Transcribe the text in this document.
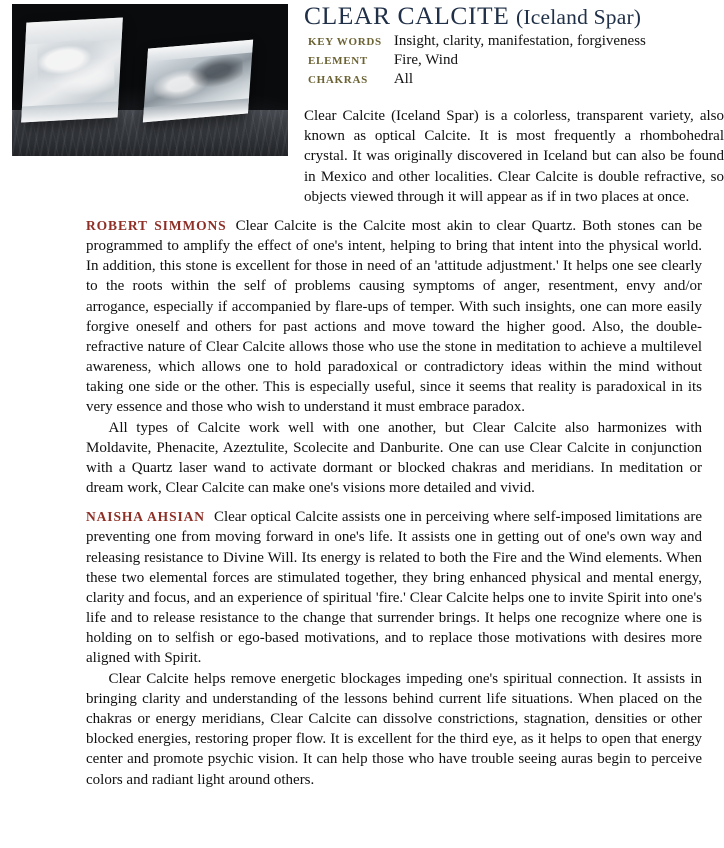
CLEAR CALCITE (Iceland Spar)
KEY WORDS	Insight, clarity, manifestation, forgiveness
ELEMENT	Fire, Wind
CHAKRAS	All

Clear Calcite (Iceland Spar) is a colorless, transparent variety, also known as optical Calcite. It is most frequently a rhombohedral crystal. It was originally discovered in Iceland but can also be found in Mexico and other localities. Clear Calcite is double refractive, so objects viewed through it will appear as if in two places at once.

ROBERT SIMMONS Clear Calcite is the Calcite most akin to clear Quartz. Both stones can be programmed to amplify the effect of one's intent, helping to bring that intent into the physical world. In addition, this stone is excellent for those in need of an 'attitude adjustment.' It helps one see clearly to the roots within the self of problems causing symptoms of anger, resentment, envy and/or arrogance, especially if accompanied by flare-ups of temper. With such insights, one can more easily forgive oneself and others for past actions and move toward the higher good. Also, the double-refractive nature of Clear Calcite allows those who use the stone in meditation to achieve a multilevel awareness, which allows one to hold paradoxical or contradictory ideas within the mind without taking one side or the other. This is especially useful, since it seems that reality is paradoxical in its very essence and those who wish to understand it must embrace paradox.

All types of Calcite work well with one another, but Clear Calcite also harmonizes with Moldavite, Phenacite, Azeztulite, Scolecite and Danburite. One can use Clear Calcite in conjunction with a Quartz laser wand to activate dormant or blocked chakras and meridians. In meditation or dream work, Clear Calcite can make one's visions more detailed and vivid.

NAISHA AHSIAN Clear optical Calcite assists one in perceiving where self-imposed limitations are preventing one from moving forward in one's life. It assists one in getting out of one's own way and releasing resistance to Divine Will. Its energy is related to both the Fire and the Wind elements. When these two elemental forces are stimulated together, they bring enhanced physical and mental energy, clarity and focus, and an experience of spiritual 'fire.' Clear Calcite helps one to invite Spirit into one's life and to release resistance to the change that surrender brings. It helps one recognize where one is holding on to selfish or ego-based motivations, and to replace those motivations with desires more aligned with Spirit.

Clear Calcite helps remove energetic blockages impeding one's spiritual connection. It assists in bringing clarity and understanding of the lessons behind current life situations. When placed on the chakras or energy meridians, Clear Calcite can dissolve constrictions, stagnation, densities or other blocked energies, restoring proper flow. It is excellent for the third eye, as it helps to open that energy center and promote psychic vision. It can help those who have trouble seeing auras begin to perceive colors and radiant light around others.
